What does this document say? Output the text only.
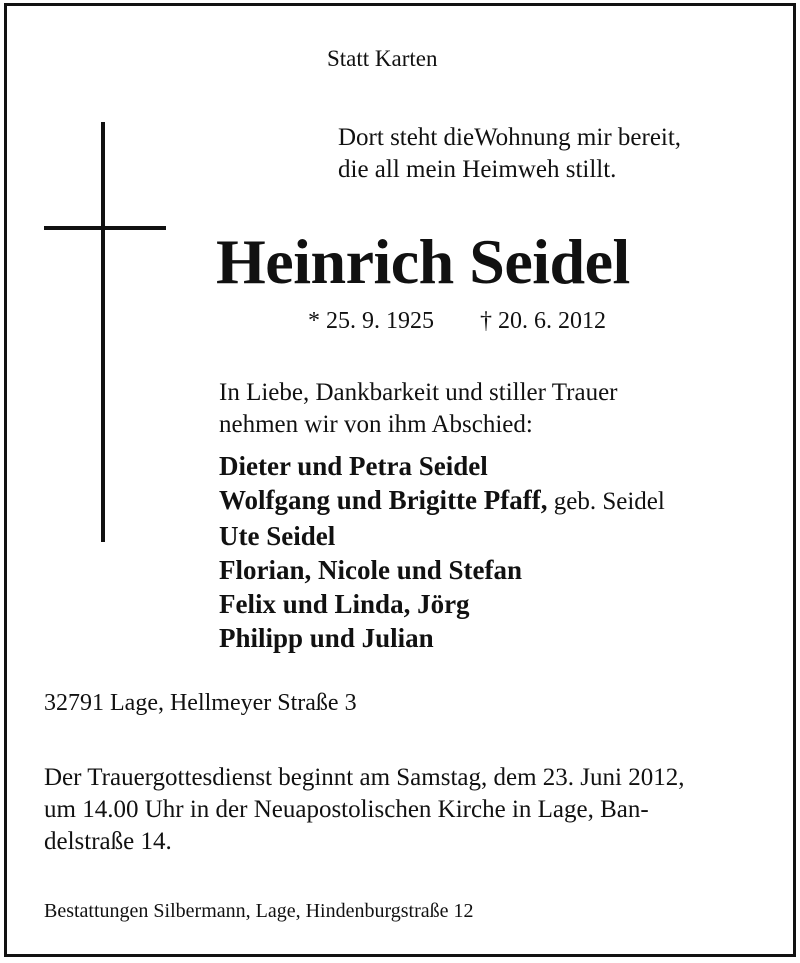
Statt Karten
Dort steht dieWohnung mir bereit,
die all mein Heimweh stillt.
Heinrich Seidel
* 25. 9. 1925 † 20. 6. 2012
In Liebe, Dankbarkeit und stiller Trauer
nehmen wir von ihm Abschied:
Dieter und Petra Seidel
Wolfgang und Brigitte Pfaff, geb. Seidel
Ute Seidel
Florian, Nicole und Stefan
Felix und Linda, Jörg
Philipp und Julian
32791 Lage, Hellmeyer Straße 3
Der Trauergottesdienst beginnt am Samstag, dem 23. Juni 2012,
um 14.00 Uhr in der Neuapostolischen Kirche in Lage, Ban-
delstraße 14.
Bestattungen Silbermann, Lage, Hindenburgstraße 12
